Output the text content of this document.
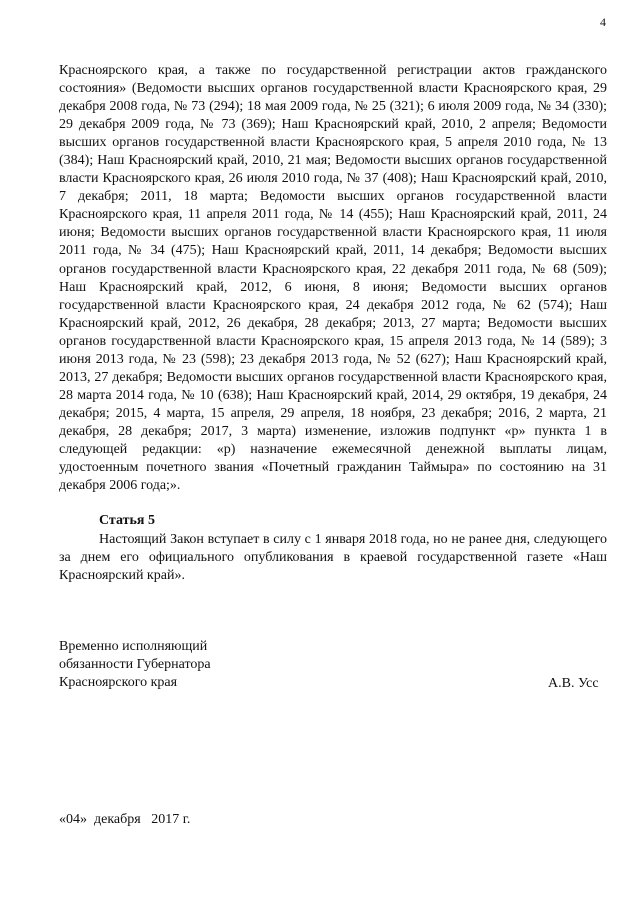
4

Красноярского края, а также по государственной регистрации актов гражданского состояния» (Ведомости высших органов государственной власти Красноярского края, 29 декабря 2008 года, № 73 (294); 18 мая 2009 года, № 25 (321); 6 июля 2009 года, № 34 (330); 29 декабря 2009 года, № 73 (369); Наш Красноярский край, 2010, 2 апреля; Ведомости высших органов государственной власти Красноярского края, 5 апреля 2010 года, № 13 (384); Наш Красноярский край, 2010, 21 мая; Ведомости высших органов государственной власти Красноярского края, 26 июля 2010 года, № 37 (408); Наш Красноярский край, 2010, 7 декабря; 2011, 18 марта; Ведомости высших органов государственной власти Красноярского края, 11 апреля 2011 года, № 14 (455); Наш Красноярский край, 2011, 24 июня; Ведомости высших органов государственной власти Красноярского края, 11 июля 2011 года, № 34 (475); Наш Красноярский край, 2011, 14 декабря; Ведомости высших органов государственной власти Красноярского края, 22 декабря 2011 года, № 68 (509); Наш Красноярский край, 2012, 6 июня, 8 июня; Ведомости высших органов государственной власти Красноярского края, 24 декабря 2012 года, № 62 (574); Наш Красноярский край, 2012, 26 декабря, 28 декабря; 2013, 27 марта; Ведомости высших органов государственной власти Красноярского края, 15 апреля 2013 года, № 14 (589); 3 июня 2013 года, № 23 (598); 23 декабря 2013 года, № 52 (627); Наш Красноярский край, 2013, 27 декабря; Ведомости высших органов государственной власти Красноярского края, 28 марта 2014 года, № 10 (638); Наш Красноярский край, 2014, 29 октября, 19 декабря, 24 декабря; 2015, 4 марта, 15 апреля, 29 апреля, 18 ноября, 23 декабря; 2016, 2 марта, 21 декабря, 28 декабря; 2017, 3 марта) изменение, изложив подпункт «р» пункта 1 в следующей редакции: «р) назначение ежемесячной денежной выплаты лицам, удостоенным почетного звания «Почетный гражданин Таймыра» по состоянию на 31 декабря 2006 года;».

Статья 5

Настоящий Закон вступает в силу с 1 января 2018 года, но не ранее дня, следующего за днем его официального опубликования в краевой государственной газете «Наш Красноярский край».

Временно исполняющий
обязанности Губернатора
Красноярского края	А.В. Усс
«04»  декабря   2017 г.
